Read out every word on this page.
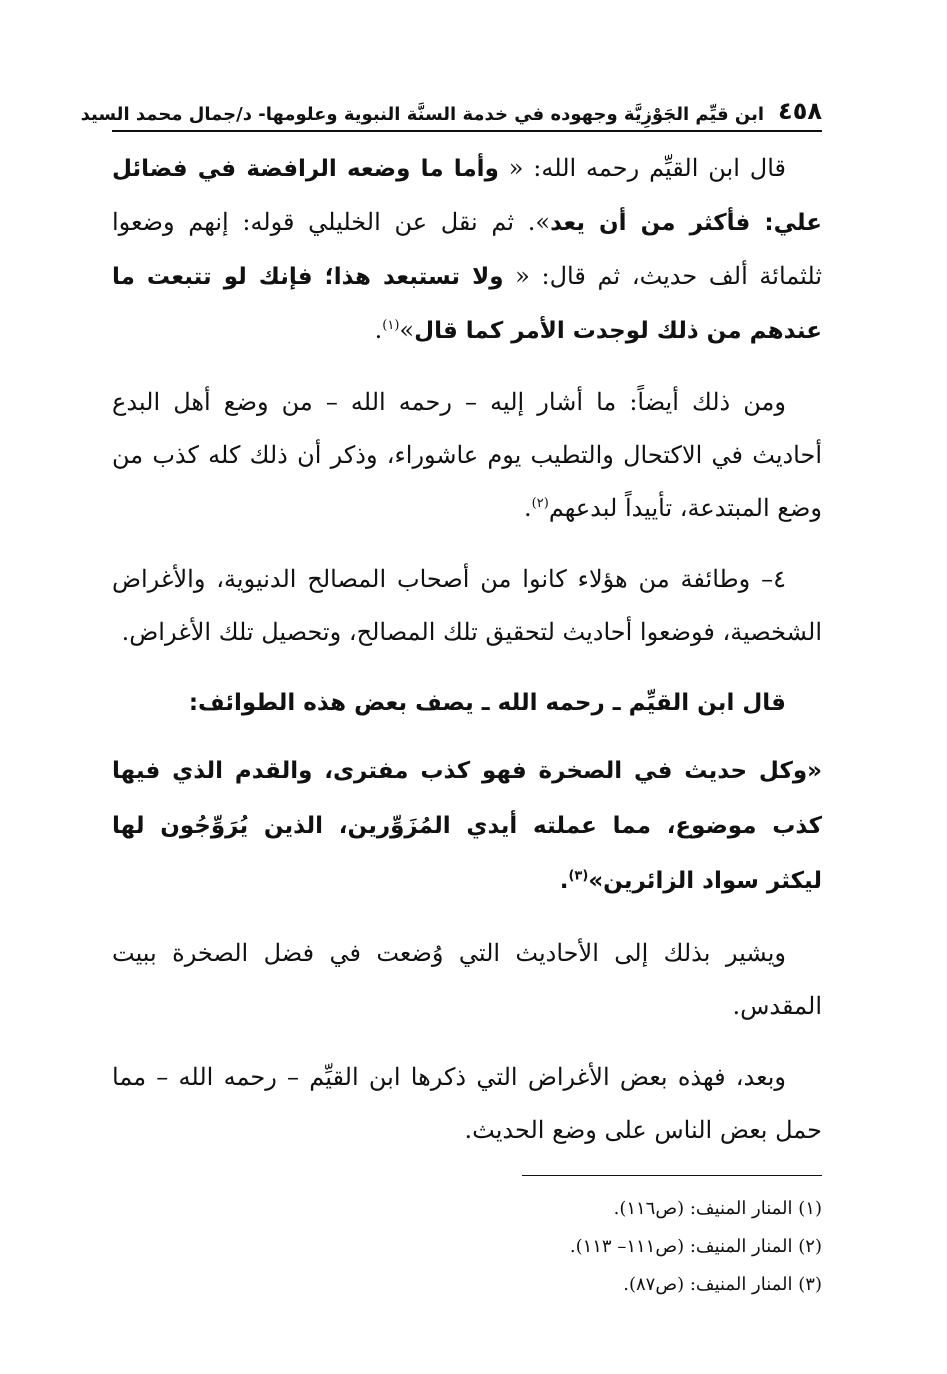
٤٥٨
ابن قيِّم الجَوْزِيَّة وجهوده في خدمة السنَّة النبوية وعلومها- د/جمال محمد السيد

قال ابن القيِّم رحمه الله: « وأما ما وضعه الرافضة في فضائل علي: فأكثر من أن يعد». ثم نقل عن الخليلي قوله: إنهم وضعوا ثلثمائة ألف حديث، ثم قال: « ولا تستبعد هذا؛ فإنك لو تتبعت ما عندهم من ذلك لوجدت الأمر كما قال»$^{(١)}$.

ومن ذلك أيضاً: ما أشار إليه – رحمه الله – من وضع أهل البدع أحاديث في الاكتحال والتطيب يوم عاشوراء، وذكر أن ذلك كله كذب من وضع المبتدعة، تأييداً لبدعهم$^{(٢)}$.

٤– وطائفة من هؤلاء كانوا من أصحاب المصالح الدنيوية، والأغراض الشخصية، فوضعوا أحاديث لتحقيق تلك المصالح، وتحصيل تلك الأغراض.

قال ابن القيِّم ـ رحمه الله ـ يصف بعض هذه الطوائف:

«وكل حديث في الصخرة فهو كذب مفترى، والقدم الذي فيها كذب موضوع، مما عملته أيدي المُزَوِّرين، الذين يُرَوِّجُون لها ليكثر سواد الزائرين»$^{(٣)}$.

ويشير بذلك إلى الأحاديث التي وُضعت في فضل الصخرة ببيت المقدس.

وبعد، فهذه بعض الأغراض التي ذكرها ابن القيِّم – رحمه الله – مما حمل بعض الناس على وضع الحديث.

(١) المنار المنيف: (ص١١٦).

(٢) المنار المنيف: (ص١١١– ١١٣).

(٣) المنار المنيف: (ص٨٧).
